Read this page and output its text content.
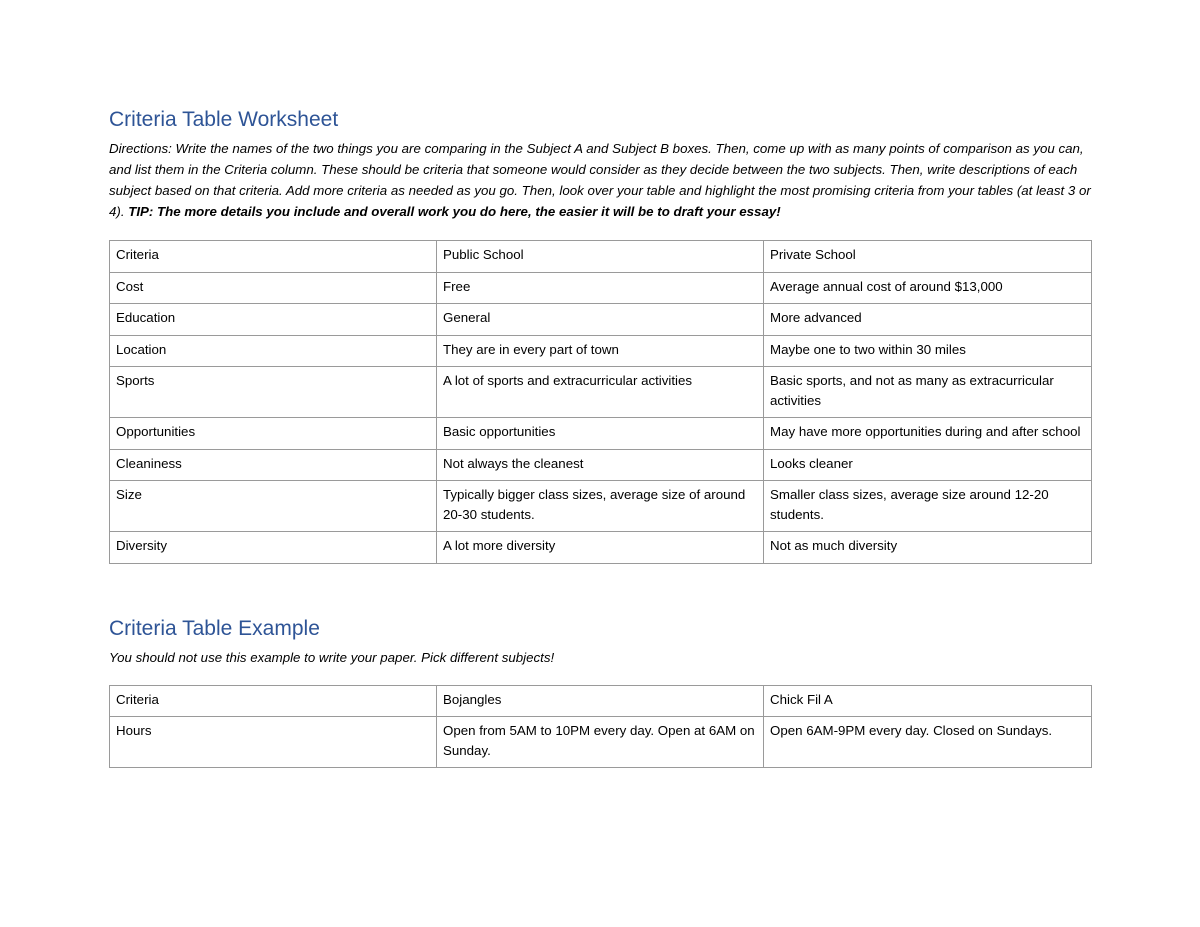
Criteria Table Worksheet

Directions: Write the names of the two things you are comparing in the Subject A and Subject B boxes. Then, come up with as many points of comparison as you can, and list them in the Criteria column. These should be criteria that someone would consider as they decide between the two subjects. Then, write descriptions of each subject based on that criteria. Add more criteria as needed as you go. Then, look over your table and highlight the most promising criteria from your tables (at least 3 or 4). TIP: The more details you include and overall work you do here, the easier it will be to draft your essay!

Criteria	Public School	Private School
Cost	Free	Average annual cost of around $13,000
Education	General	More advanced
Location	They are in every part of town	Maybe one to two within 30 miles
Sports	A lot of sports and extracurricular activities	Basic sports, and not as many as extracurricular activities
Opportunities	Basic opportunities	May have more opportunities during and after school
Cleaniness	Not always the cleanest	Looks cleaner
Size	Typically bigger class sizes, average size of around 20-30 students.	Smaller class sizes, average size around 12-20 students.
Diversity	A lot more diversity	Not as much diversity
Criteria Table Example

You should not use this example to write your paper. Pick different subjects!

Criteria	Bojangles	Chick Fil A
Hours	Open from 5AM to 10PM every day. Open at 6AM on Sunday.	Open 6AM-9PM every day. Closed on Sundays.
